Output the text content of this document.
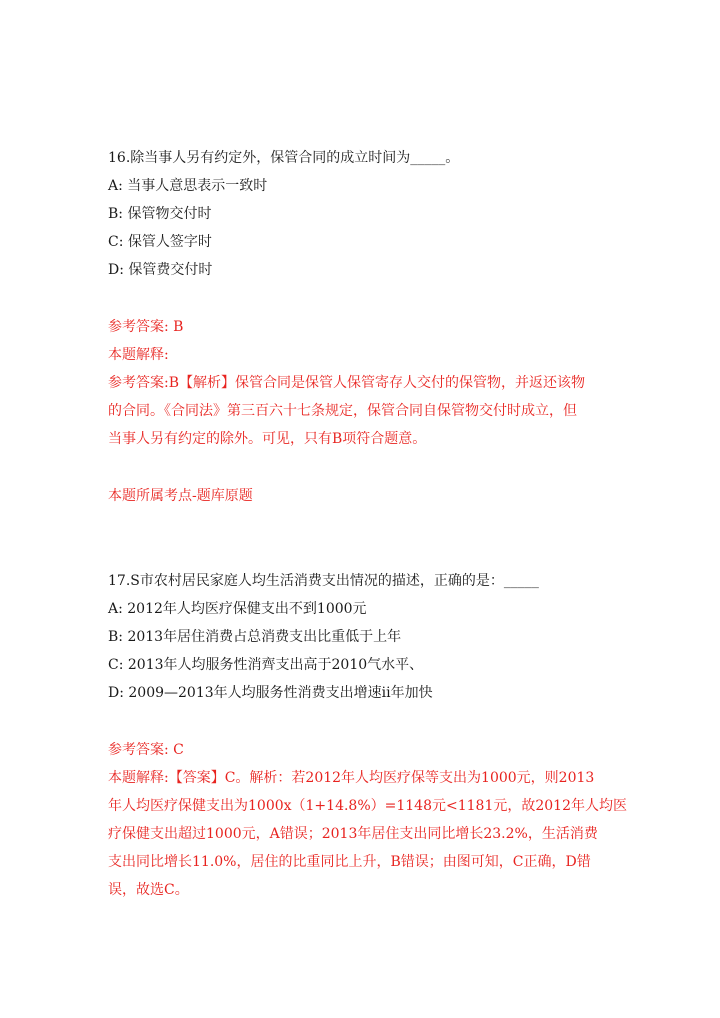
16.除当事人另有约定外，保管合同的成立时间为_____。
A: 当事人意思表示一致时
B: 保管物交付时
C: 保管人签字时
D: 保管费交付时
参考答案: B
本题解释:
参考答案:B【解析】保管合同是保管人保管寄存人交付的保管物，并返还该物
的合同。《合同法》第三百六十七条规定，保管合同自保管物交付时成立，但
当事人另有约定的除外。可见，只有B项符合题意。
本题所属考点-题库原题
17.S市农村居民家庭人均生活消费支出情况的描述，正确的是：_____
A: 2012年人均医疗保健支出不到1000元
B: 2013年居住消费占总消费支出比重低于上年
C: 2013年人均服务性消齊支出高于2010气水平、
D: 2009—2013年人均服务性消费支出增速ii年加快
参考答案: C
本题解释:【答案】C。解析：若2012年人均医疗保等支出为1000元，则2013
年人均医疗保健支出为1000x（1+14.8%）=1148元<1181元，故2012年人均医
疗保健支出超过1000元，A错误；2013年居住支出同比增长23.2%，生活消费
支出同比增长11.0%，居住的比重同比上升，B错误；由图可知，C正确，D错
误，故选C。
